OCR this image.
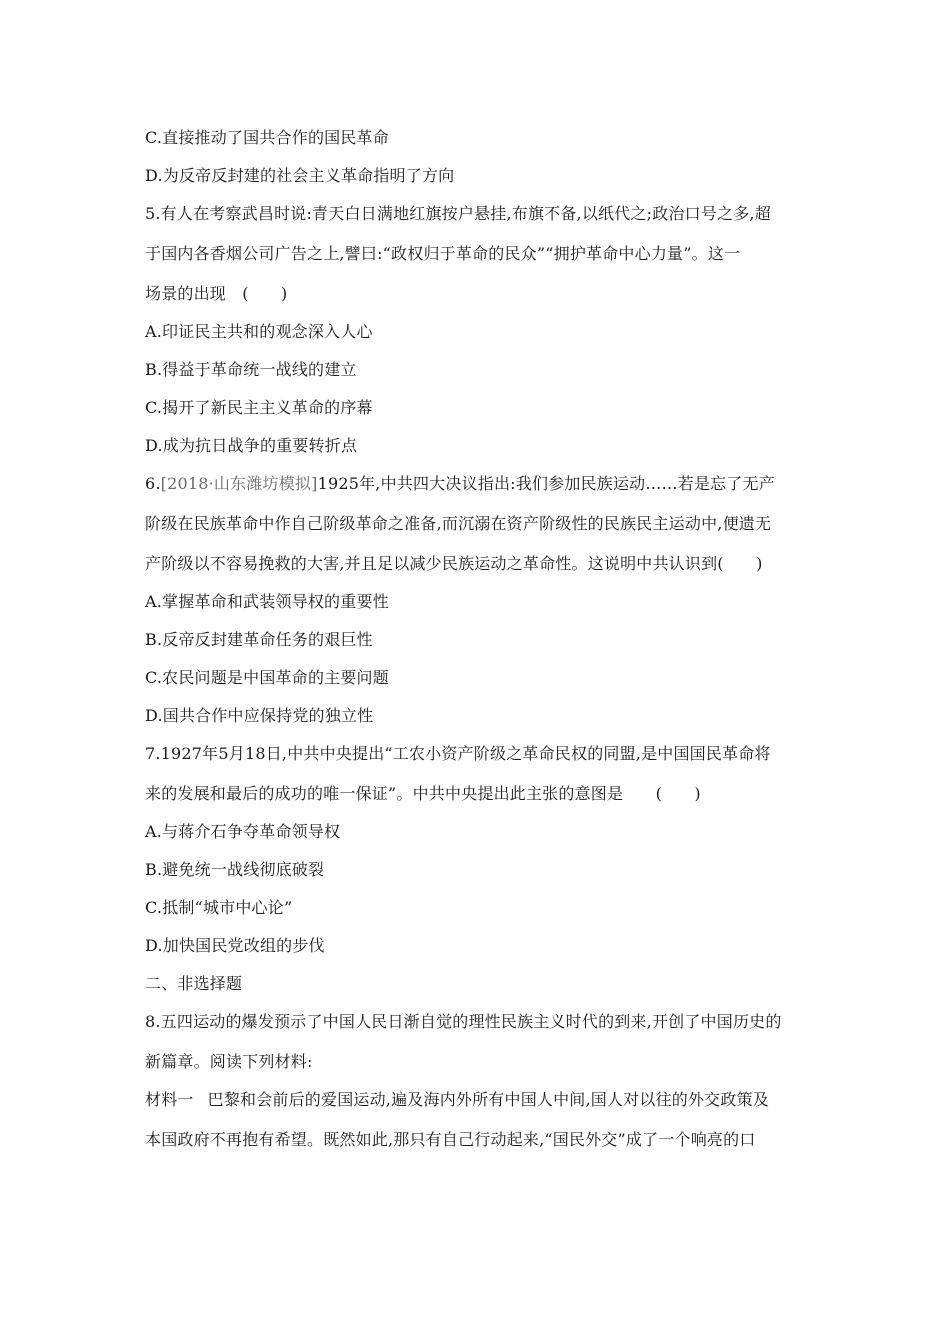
C.直接推动了国共合作的国民革命
D.为反帝反封建的社会主义革命指明了方向
5.有人在考察武昌时说:青天白日满地红旗按户悬挂,布旗不备,以纸代之;政治口号之多,超
于国内各香烟公司广告之上,譬曰:“政权归于革命的民众”“拥护革命中心力量”。这一
场景的出现　(　　)
A.印证民主共和的观念深入人心
B.得益于革命统一战线的建立
C.揭开了新民主主义革命的序幕
D.成为抗日战争的重要转折点
6.[2018·山东潍坊模拟]1925年,中共四大决议指出:我们参加民族运动……若是忘了无产
阶级在民族革命中作自己阶级革命之准备,而沉溺在资产阶级性的民族民主运动中,便遗无
产阶级以不容易挽救的大害,并且足以减少民族运动之革命性。这说明中共认识到(　　)
A.掌握革命和武装领导权的重要性
B.反帝反封建革命任务的艰巨性
C.农民问题是中国革命的主要问题
D.国共合作中应保持党的独立性
7.1927年5月18日,中共中央提出“工农小资产阶级之革命民权的同盟,是中国国民革命将
来的发展和最后的成功的唯一保证”。中共中央提出此主张的意图是　　(　　)
A.与蒋介石争夺革命领导权
B.避免统一战线彻底破裂
C.抵制“城市中心论”
D.加快国民党改组的步伐
二、非选择题
8.五四运动的爆发预示了中国人民日渐自觉的理性民族主义时代的到来,开创了中国历史的
新篇章。阅读下列材料:
材料一 巴黎和会前后的爱国运动,遍及海内外所有中国人中间,国人对以往的外交政策及
本国政府不再抱有希望。既然如此,那只有自己行动起来,“国民外交”成了一个响亮的口
